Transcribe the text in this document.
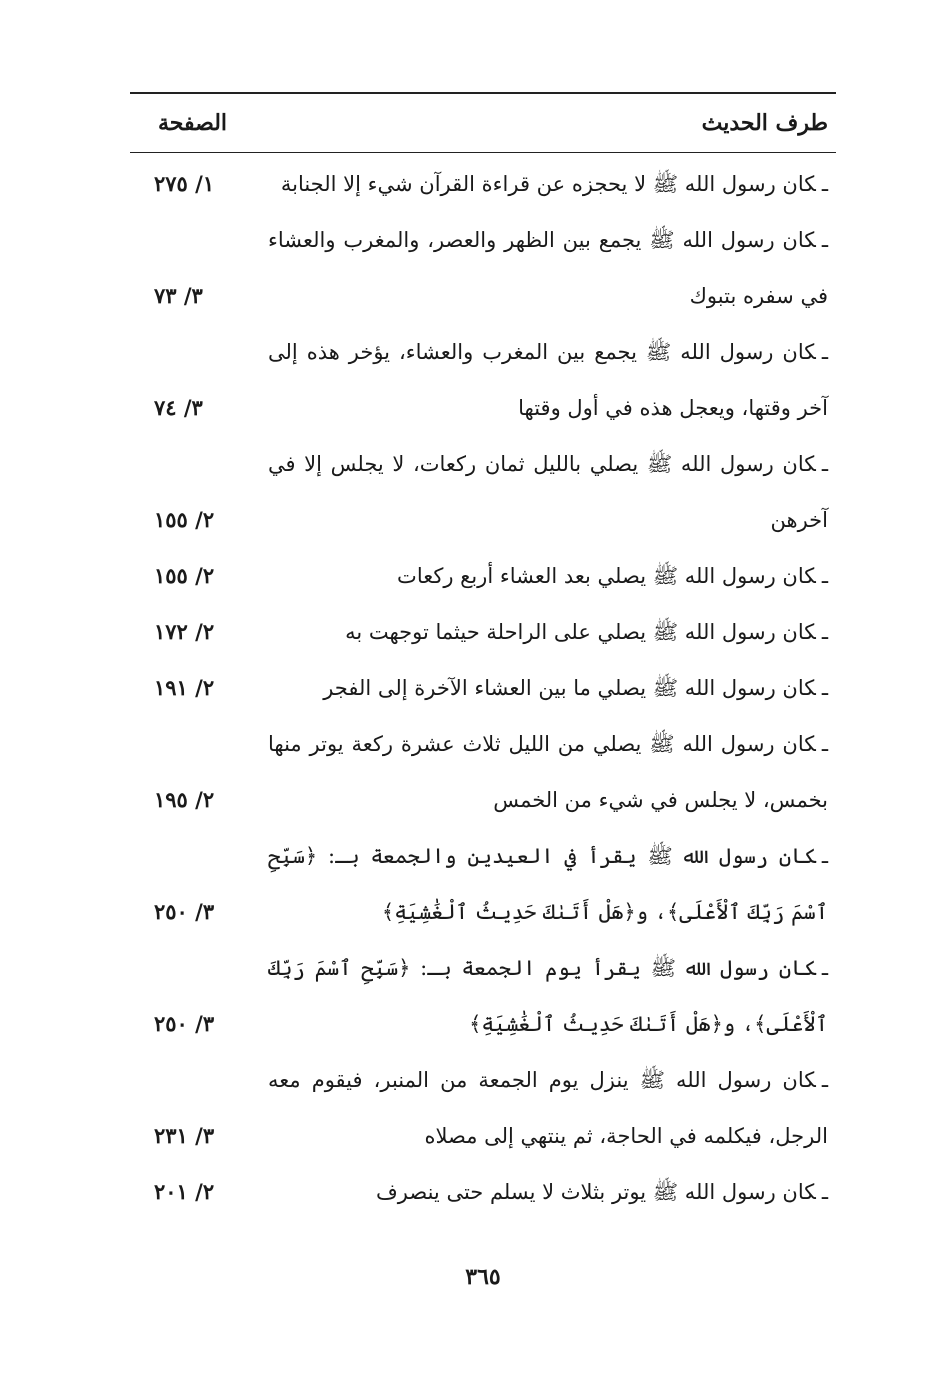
طرف الحديث
الصفحة
ـكان رسول الله ﷺ لا يحجزه عن قراءة القرآن شيء إلا الجنابة
١/ ٢٧٥
ـكان رسول الله ﷺ يجمع بين الظهر والعصر، والمغرب والعشاء في سفره بتبوك
٣/ ٧٣
ـكان رسول الله ﷺ يجمع بين المغرب والعشاء، يؤخر هذه إلى آخر وقتها، ويعجل هذه في أول وقتها
٣/ ٧٤
ـكان رسول الله ﷺ يصلي بالليل ثمان ركعات، لا يجلس إلا في آخرهن
٢/ ١٥٥
ـكان رسول الله ﷺ يصلي بعد العشاء أربع ركعات
٢/ ١٥٥
ـكان رسول الله ﷺ يصلي على الراحلة حيثما توجهت به
٢/ ١٧٢
ـكان رسول الله ﷺ يصلي ما بين العشاء الآخرة إلى الفجر
٢/ ١٩١
ـكان رسول الله ﷺ يصلي من الليل ثلاث عشرة ركعة يوتر منها بخمس، لا يجلس في شيء من الخمس
٢/ ١٩٥
ـكان رسول الله ﷺ يقرأ في العيدين والجمعة بـ: ﴿سَبِّحِ ٱسْمَ رَبِّكَ ٱلْأَعْلَى﴾، و﴿هَلْ أَتَىٰكَ حَدِيثُ ٱلْغَٰشِيَةِ﴾
٣/ ٢٥٠
ـكان رسول الله ﷺ يقرأ يوم الجمعة بـ: ﴿سَبِّحِ ٱسْمَ رَبِّكَ ٱلْأَعْلَى﴾، و﴿هَلْ أَتَىٰكَ حَدِيثُ ٱلْغَٰشِيَةِ﴾
٣/ ٢٥٠
ـكان رسول الله ﷺ ينزل يوم الجمعة من المنبر، فيقوم معه الرجل، فيكلمه في الحاجة، ثم ينتهي إلى مصلاه
٣/ ٢٣١
ـكان رسول الله ﷺ يوتر بثلاث لا يسلم حتى ينصرف
٢/ ٢٠١
٣٦٥
